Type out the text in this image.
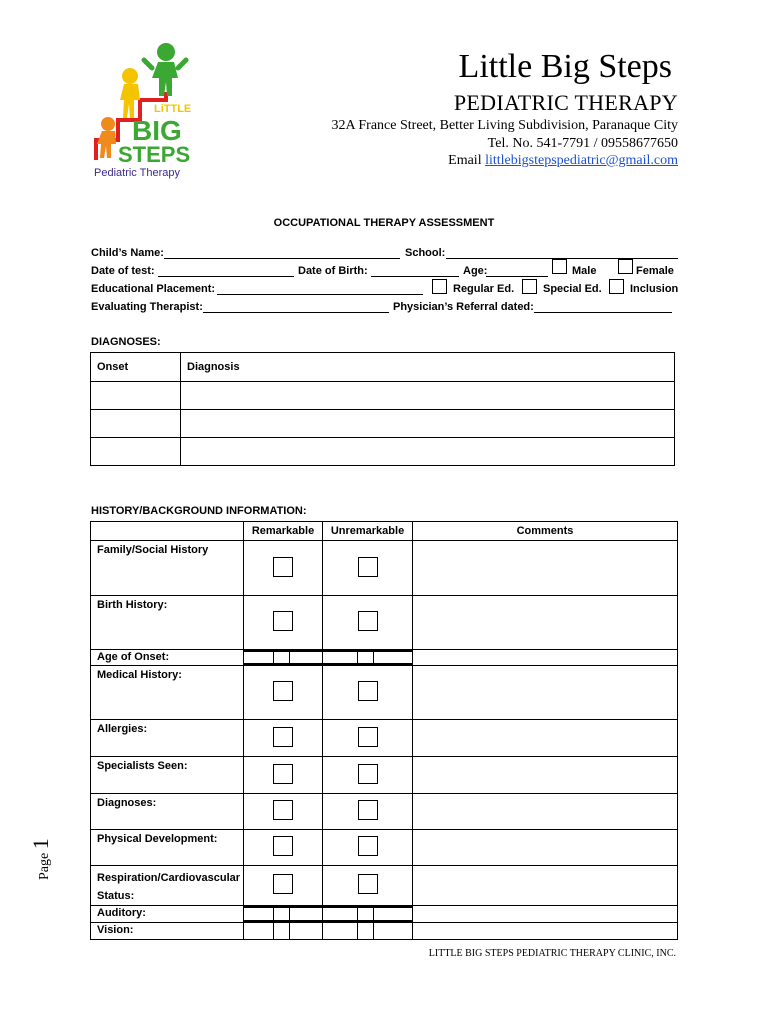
LiTTLE
BIG
STEPS
Pediatric Therapy
Little Big Steps
PEDIATRIC THERAPY
32A France Street, Better Living Subdivision, Paranaque City
Tel. No. 541-7791 / 09558677650
Email littlebigstepspediatric@gmail.com
OCCUPATIONAL THERAPY ASSESSMENT
Child’s Name:	School:
Date of test:	Date of Birth:	Age:	Male	Female
Educational Placement:	Regular Ed.	Special Ed.	Inclusion
Evaluating Therapist:	Physician’s Referral dated:
DIAGNOSES:
Onset	Diagnosis

HISTORY/BACKGROUND INFORMATION:
	Remarkable	Unremarkable	Comments
Family/Social History			
Birth History:			
Age of Onset:	

Medical History:			
Allergies:			
Specialists Seen:			
Diagnoses:			
Physical Development:			
Respiration/Cardiovascular Status:			
Auditory:	

Vision:	

Page 1
LITTLE BIG STEPS PEDIATRIC THERAPY CLINIC, INC.
